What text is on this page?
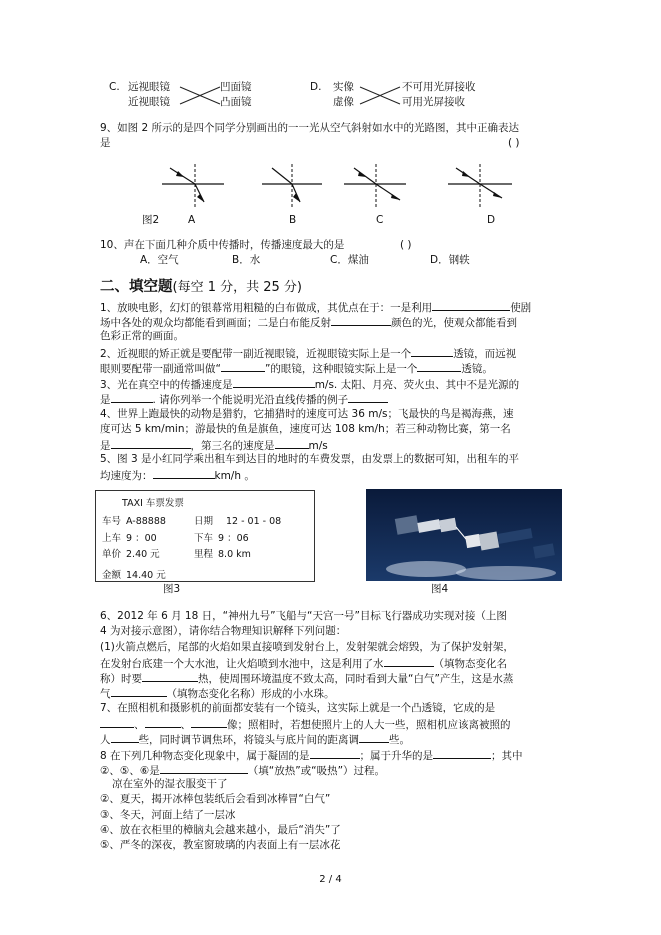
C. 远视眼镜
近视眼镜
凹面镜
凸面镜
D. 实像
虚像
不可用光屏接收
可用光屏接收
9、如图 2 所示的是四个同学分别画出的一一光从空气斜射如水中的光路图，其中正确表达
是	( )
图2	A	B	C	D
10、声在下面几种介质中传播时，传播速度最大的是	( )
A．空气	B．水	C．煤油	D．钢轶
二、填空题(每空 1 分，共 25 分)
1、放映电影，幻灯的银幕常用粗糙的白布做成，其优点在于：一是利用	使剧
场中各处的观众均都能看到画面；二是白布能反射	颜色的光，使观众都能看到
色彩正常的画面。
2、近视眼的矫正就是要配带一副近视眼镜，近视眼镜实际上是一个	透镜，而远视
眼则要配带一副通常叫做“	”的眼镜，这种眼镜实际上是一个	透镜。
3、光在真空中的传播速度是	m/s. 太阳、月亮、荧火虫、其中不是光源的
是	. 请你列举一个能说明光沿直线传播的例子
4、世界上跑最快的动物是猎豹，它捕猎时的速度可达 36 m/s；飞最快的鸟是褐海燕，速
度可达 5 km/min；游最快的鱼是旗鱼，速度可达 108 km/h；若三种动物比赛，第一名
是	，第三名的速度是	m/s
5、图 3 是小红同学乘出租车到达目的地时的车费发票，由发票上的数据可知，出租车的平
均速度为：	km/h 。
TAXI 车票发票
车号 A-88888	日期 12 - 01 - 08
上车 9 ：00	下车 9 ：06
单价 2.40 元	里程 8.0 km
金额 14.40 元
图3	图4
6、2012 年 6 月 18 日，“神州九号”飞船与“天宫一号”目标飞行器成功实现对接（上图
4 为对接示意图），请你结合物理知识解释下列问题：
(1)火箭点燃后，尾部的火焰如果直接喷到发射台上，发射架就会熔毁，为了保护发射架，
在发射台底建一个大水池，让火焰喷到水池中，这是利用了水	（填物态变化名
称）时要	热，使周围环境温度不致太高，同时看到大量“白气”产生，这是水蒸
气	（填物态变化名称）形成的小水珠。
7、在照相机和摄影机的前面都安装有一个镜头，这实际上就是一个凸透镜，它成的是
、	、	像；照相时，若想使照片上的人大一些，照相机应该离被照的
人	些，同时调节调焦环，将镜头与底片间的距离调	些。
8 在下列几种物态变化现象中，属于凝固的是	；属于升华的是	；其中
②、⑤、⑥是	（填“放热”或“吸热”）过程。
凉在室外的湿衣服变干了
②、夏天，揭开冰棒包装纸后会看到冰棒冒“白气”
③、冬天，河面上结了一层冰
④、放在衣柜里的樟脑丸会越来越小，最后“消失”了
⑤、严冬的深夜，教室窗玻璃的内表面上有一层冰花
2 / 4
